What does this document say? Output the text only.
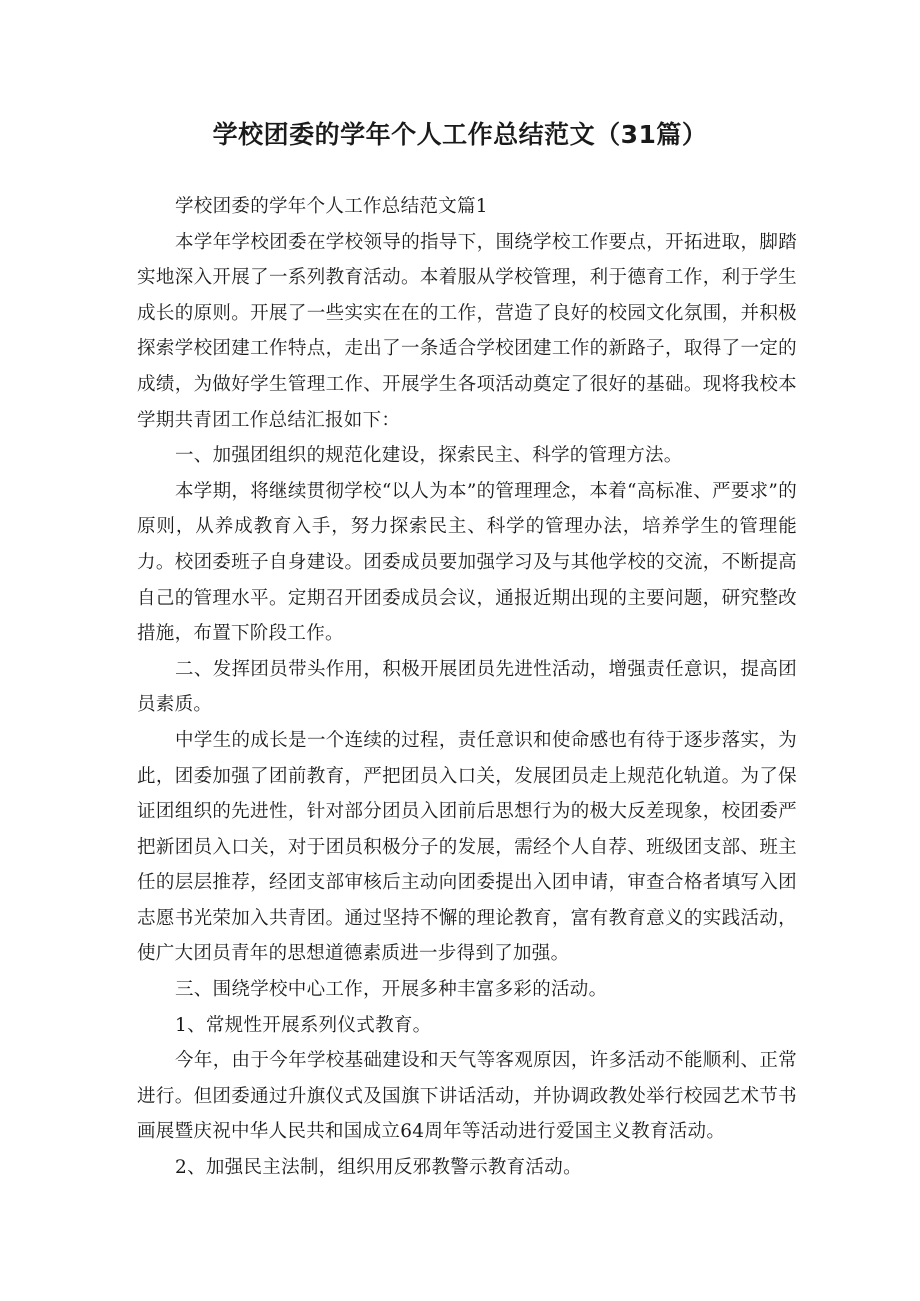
学校团委的学年个人工作总结范文（31篇）

学校团委的学年个人工作总结范文篇1

本学年学校团委在学校领导的指导下，围绕学校工作要点，开拓进取，脚踏实地深入开展了一系列教育活动。本着服从学校管理，利于德育工作，利于学生成长的原则。开展了一些实实在在的工作，营造了良好的校园文化氛围，并积极探索学校团建工作特点，走出了一条适合学校团建工作的新路子，取得了一定的成绩，为做好学生管理工作、开展学生各项活动奠定了很好的基础。现将我校本学期共青团工作总结汇报如下：

一、加强团组织的规范化建设，探索民主、科学的管理方法。

本学期，将继续贯彻学校“以人为本”的管理理念，本着“高标准、严要求”的原则，从养成教育入手，努力探索民主、科学的管理办法，培养学生的管理能力。校团委班子自身建设。团委成员要加强学习及与其他学校的交流，不断提高自己的管理水平。定期召开团委成员会议，通报近期出现的主要问题，研究整改措施，布置下阶段工作。

二、发挥团员带头作用，积极开展团员先进性活动，增强责任意识，提高团员素质。

中学生的成长是一个连续的过程，责任意识和使命感也有待于逐步落实，为此，团委加强了团前教育，严把团员入口关，发展团员走上规范化轨道。为了保证团组织的先进性，针对部分团员入团前后思想行为的极大反差现象，校团委严把新团员入口关，对于团员积极分子的发展，需经个人自荐、班级团支部、班主任的层层推荐，经团支部审核后主动向团委提出入团申请，审查合格者填写入团志愿书光荣加入共青团。通过坚持不懈的理论教育，富有教育意义的实践活动，使广大团员青年的思想道德素质进一步得到了加强。

三、围绕学校中心工作，开展多种丰富多彩的活动。

1、常规性开展系列仪式教育。

今年，由于今年学校基础建设和天气等客观原因，许多活动不能顺利、正常进行。但团委通过升旗仪式及国旗下讲话活动，并协调政教处举行校园艺术节书画展暨庆祝中华人民共和国成立64周年等活动进行爱国主义教育活动。

2、加强民主法制，组织用反邪教警示教育活动。
